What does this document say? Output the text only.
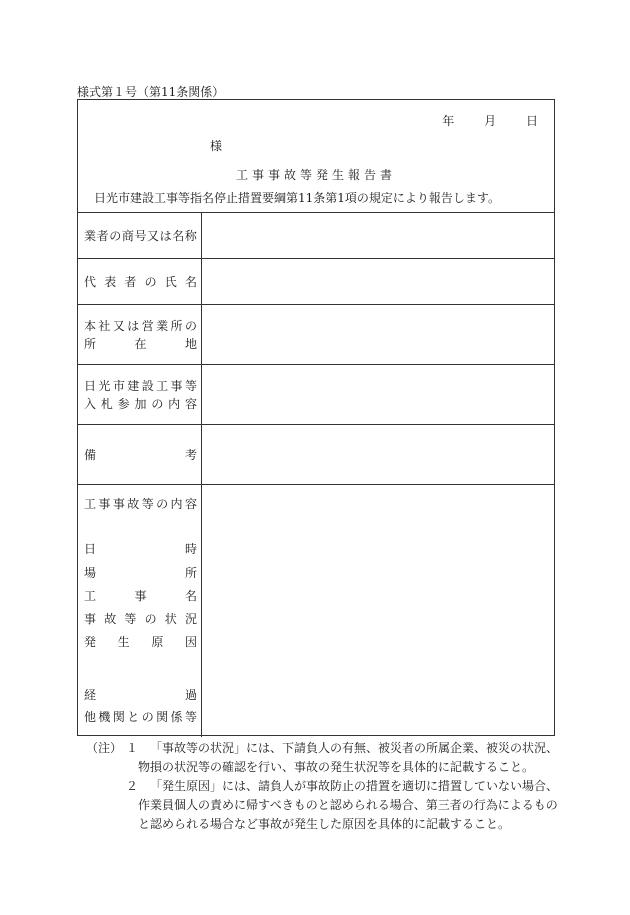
様式第１号（第11条関係）
年 月 日
様
工事事故等発生報告書
日光市建設工事等指名停止措置要綱第11条第1項の規定により報告します。
業 者 の 商 号 又 は 名 称
代 表 者 の 氏 名
本 社 又 は 営 業 所 の
所	在	地
日 光 市 建 設 工 事 等
入 札 参 加 の 内 容
備	考
工 事 事 故 等 の 内 容
日	時
場	所
工	事	名
事 故 等 の 状 況
発 生 原 因
経	過
他 機 関 と の 関 係 等
（注） １ 「事故等の状況」には、下請負人の有無、被災者の所属企業、被災の状況、
物損の状況等の確認を行い、事故の発生状況等を具体的に記載すること。
２ 「発生原因」には、請負人が事故防止の措置を適切に措置していない場合、
作業員個人の責めに帰すべきものと認められる場合、第三者の行為によるもの
と認められる場合など事故が発生した原因を具体的に記載すること。
